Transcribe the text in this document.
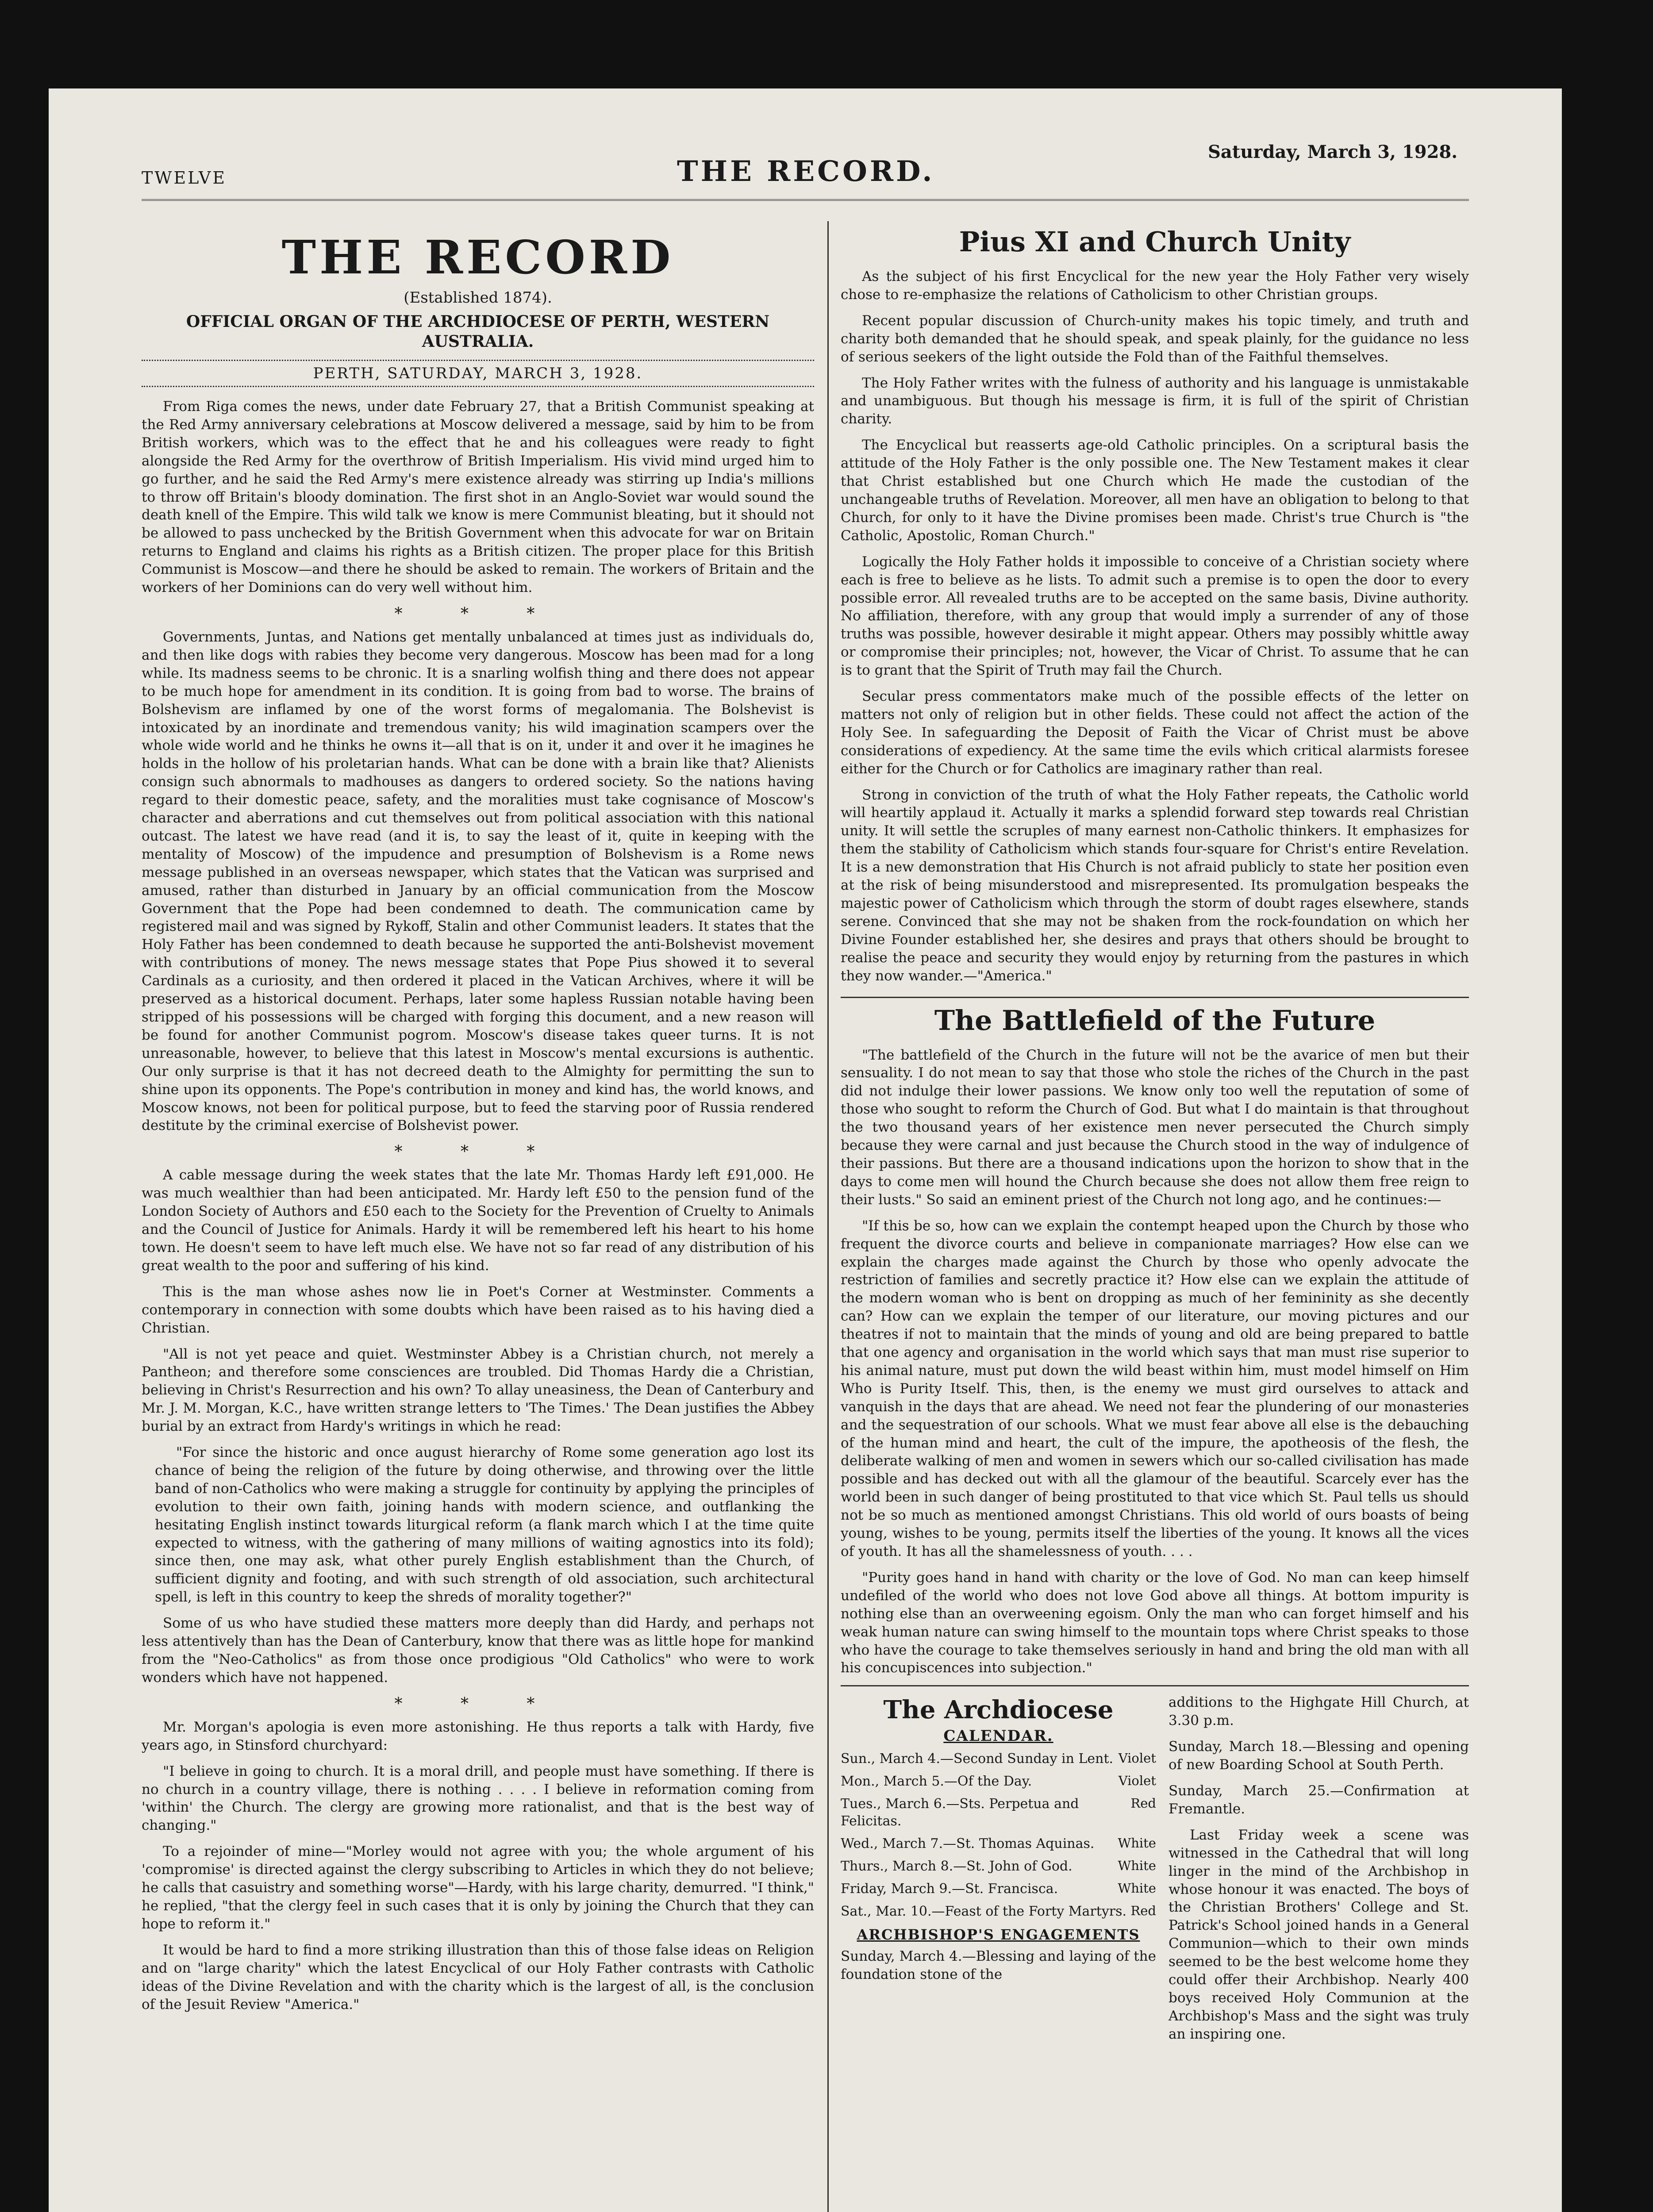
TWELVE	THE RECORD.
Saturday, March 3, 1928.
THE RECORD
(Established 1874).
OFFICIAL ORGAN OF THE ARCHDIOCESE OF PERTH, WESTERN AUSTRALIA.
PERTH, SATURDAY, MARCH 3, 1928.

From Riga comes the news, under date February 27, that a British Communist speaking at the Red Army anniversary celebrations at Moscow delivered a message, said by him to be from British workers, which was to the effect that he and his colleagues were ready to fight alongside the Red Army for the overthrow of British Imperialism. His vivid mind urged him to go further, and he said the Red Army's mere existence already was stirring up India's millions to throw off Britain's bloody domination. The first shot in an Anglo-Soviet war would sound the death knell of the Empire. This wild talk we know is mere Communist bleating, but it should not be allowed to pass unchecked by the British Government when this advocate for war on Britain returns to England and claims his rights as a British citizen. The proper place for this British Communist is Moscow—and there he should be asked to remain. The workers of Britain and the workers of her Dominions can do very well without him.

* * *

Governments, Juntas, and Nations get mentally unbalanced at times just as individuals do, and then like dogs with rabies they become very dangerous. Moscow has been mad for a long while. Its madness seems to be chronic. It is a snarling wolfish thing and there does not appear to be much hope for amendment in its condition. It is going from bad to worse. The brains of Bolshevism are inflamed by one of the worst forms of megalomania. The Bolshevist is intoxicated by an inordinate and tremendous vanity; his wild imagination scampers over the whole wide world and he thinks he owns it—all that is on it, under it and over it he imagines he holds in the hollow of his proletarian hands. What can be done with a brain like that? Alienists consign such abnormals to madhouses as dangers to ordered society. So the nations having regard to their domestic peace, safety, and the moralities must take cognisance of Moscow's character and aberrations and cut themselves out from political association with this national outcast. The latest we have read (and it is, to say the least of it, quite in keeping with the mentality of Moscow) of the impudence and presumption of Bolshevism is a Rome news message published in an overseas newspaper, which states that the Vatican was surprised and amused, rather than disturbed in January by an official communication from the Moscow Government that the Pope had been condemned to death. The communication came by registered mail and was signed by Rykoff, Stalin and other Communist leaders. It states that the Holy Father has been condemned to death because he supported the anti-Bolshevist movement with contributions of money. The news message states that Pope Pius showed it to several Cardinals as a curiosity, and then ordered it placed in the Vatican Archives, where it will be preserved as a historical document. Perhaps, later some hapless Russian notable having been stripped of his possessions will be charged with forging this document, and a new reason will be found for another Communist pogrom. Moscow's disease takes queer turns. It is not unreasonable, however, to believe that this latest in Moscow's mental excursions is authentic. Our only surprise is that it has not decreed death to the Almighty for permitting the sun to shine upon its opponents. The Pope's contribution in money and kind has, the world knows, and Moscow knows, not been for political purpose, but to feed the starving poor of Russia rendered destitute by the criminal exercise of Bolshevist power.

* * *

A cable message during the week states that the late Mr. Thomas Hardy left £91,000. He was much wealthier than had been anticipated. Mr. Hardy left £50 to the pension fund of the London Society of Authors and £50 each to the Society for the Prevention of Cruelty to Animals and the Council of Justice for Animals. Hardy it will be remembered left his heart to his home town. He doesn't seem to have left much else. We have not so far read of any distribution of his great wealth to the poor and suffering of his kind.

This is the man whose ashes now lie in Poet's Corner at Westminster. Comments a contemporary in connection with some doubts which have been raised as to his having died a Christian.

"All is not yet peace and quiet. Westminster Abbey is a Christian church, not merely a Pantheon; and therefore some consciences are troubled. Did Thomas Hardy die a Christian, believing in Christ's Resurrection and his own? To allay uneasiness, the Dean of Canterbury and Mr. J. M. Morgan, K.C., have written strange letters to 'The Times.' The Dean justifies the Abbey burial by an extract from Hardy's writings in which he read:

"For since the historic and once august hierarchy of Rome some generation ago lost its chance of being the religion of the future by doing otherwise, and throwing over the little band of non-Catholics who were making a struggle for continuity by applying the principles of evolution to their own faith, joining hands with modern science, and outflanking the hesitating English instinct towards liturgical reform (a flank march which I at the time quite expected to witness, with the gathering of many millions of waiting agnostics into its fold); since then, one may ask, what other purely English establishment than the Church, of sufficient dignity and footing, and with such strength of old association, such architectural spell, is left in this country to keep the shreds of morality together?"

Some of us who have studied these matters more deeply than did Hardy, and perhaps not less attentively than has the Dean of Canterbury, know that there was as little hope for mankind from the "Neo-Catholics" as from those once prodigious "Old Catholics" who were to work wonders which have not happened.

* * *

Mr. Morgan's apologia is even more astonishing. He thus reports a talk with Hardy, five years ago, in Stinsford churchyard:

"I believe in going to church. It is a moral drill, and people must have something. If there is no church in a country village, there is nothing . . . . I believe in reformation coming from 'within' the Church. The clergy are growing more rationalist, and that is the best way of changing."

To a rejoinder of mine—"Morley would not agree with you; the whole argument of his 'compromise' is directed against the clergy subscribing to Articles in which they do not believe; he calls that casuistry and something worse"—Hardy, with his large charity, demurred. "I think," he replied, "that the clergy feel in such cases that it is only by joining the Church that they can hope to reform it."

It would be hard to find a more striking illustration than this of those false ideas on Religion and on "large charity" which the latest Encyclical of our Holy Father contrasts with Catholic ideas of the Divine Revelation and with the charity which is the largest of all, is the conclusion of the Jesuit Review "America."

Pius XI and Church Unity

As the subject of his first Encyclical for the new year the Holy Father very wisely chose to re-emphasize the relations of Catholicism to other Christian groups.

Recent popular discussion of Church-unity makes his topic timely, and truth and charity both demanded that he should speak, and speak plainly, for the guidance no less of serious seekers of the light outside the Fold than of the Faithful themselves.

The Holy Father writes with the fulness of authority and his language is unmistakable and unambiguous. But though his message is firm, it is full of the spirit of Christian charity.

The Encyclical but reasserts age-old Catholic principles. On a scriptural basis the attitude of the Holy Father is the only possible one. The New Testament makes it clear that Christ established but one Church which He made the custodian of the unchangeable truths of Revelation. Moreover, all men have an obligation to belong to that Church, for only to it have the Divine promises been made. Christ's true Church is "the Catholic, Apostolic, Roman Church."

Logically the Holy Father holds it impossible to conceive of a Christian society where each is free to believe as he lists. To admit such a premise is to open the door to every possible error. All revealed truths are to be accepted on the same basis, Divine authority. No affiliation, therefore, with any group that would imply a surrender of any of those truths was possible, however desirable it might appear. Others may possibly whittle away or compromise their principles; not, however, the Vicar of Christ. To assume that he can is to grant that the Spirit of Truth may fail the Church.

Secular press commentators make much of the possible effects of the letter on matters not only of religion but in other fields. These could not affect the action of the Holy See. In safeguarding the Deposit of Faith the Vicar of Christ must be above considerations of expediency. At the same time the evils which critical alarmists foresee either for the Church or for Catholics are imaginary rather than real.

Strong in conviction of the truth of what the Holy Father repeats, the Catholic world will heartily applaud it. Actually it marks a splendid forward step towards real Christian unity. It will settle the scruples of many earnest non-Catholic thinkers. It emphasizes for them the stability of Catholicism which stands four-square for Christ's entire Revelation. It is a new demonstration that His Church is not afraid publicly to state her position even at the risk of being misunderstood and misrepresented. Its promulgation bespeaks the majestic power of Catholicism which through the storm of doubt rages elsewhere, stands serene. Convinced that she may not be shaken from the rock-foundation on which her Divine Founder established her, she desires and prays that others should be brought to realise the peace and security they would enjoy by returning from the pastures in which they now wander.—"America."

The Battlefield of the Future

"The battlefield of the Church in the future will not be the avarice of men but their sensuality. I do not mean to say that those who stole the riches of the Church in the past did not indulge their lower passions. We know only too well the reputation of some of those who sought to reform the Church of God. But what I do maintain is that throughout the two thousand years of her existence men never persecuted the Church simply because they were carnal and just because the Church stood in the way of indulgence of their passions. But there are a thousand indications upon the horizon to show that in the days to come men will hound the Church because she does not allow them free reign to their lusts." So said an eminent priest of the Church not long ago, and he continues:—

"If this be so, how can we explain the contempt heaped upon the Church by those who frequent the divorce courts and believe in companionate marriages? How else can we explain the charges made against the Church by those who openly advocate the restriction of families and secretly practice it? How else can we explain the attitude of the modern woman who is bent on dropping as much of her femininity as she decently can? How can we explain the temper of our literature, our moving pictures and our theatres if not to maintain that the minds of young and old are being prepared to battle that one agency and organisation in the world which says that man must rise superior to his animal nature, must put down the wild beast within him, must model himself on Him Who is Purity Itself. This, then, is the enemy we must gird ourselves to attack and vanquish in the days that are ahead. We need not fear the plundering of our monasteries and the sequestration of our schools. What we must fear above all else is the debauching of the human mind and heart, the cult of the impure, the apotheosis of the flesh, the deliberate walking of men and women in sewers which our so-called civilisation has made possible and has decked out with all the glamour of the beautiful. Scarcely ever has the world been in such danger of being prostituted to that vice which St. Paul tells us should not be so much as mentioned amongst Christians. This old world of ours boasts of being young, wishes to be young, permits itself the liberties of the young. It knows all the vices of youth. It has all the shamelessness of youth. . . .

"Purity goes hand in hand with charity or the love of God. No man can keep himself undefiled of the world who does not love God above all things. At bottom impurity is nothing else than an overweening egoism. Only the man who can forget himself and his weak human nature can swing himself to the mountain tops where Christ speaks to those who have the courage to take themselves seriously in hand and bring the old man with all his concupiscences into subjection."

The Archdiocese
CALENDAR.
Violet
Sun., March 4.—Second Sunday in Lent.
Violet
Mon., March 5.—Of the Day.
Red
Tues., March 6.—Sts. Perpetua and Felicitas.
White
Wed., March 7.—St. Thomas Aquinas.
White
Thurs., March 8.—St. John of God.
White
Friday, March 9.—St. Francisca.
Red
Sat., Mar. 10.—Feast of the Forty Martyrs.
ARCHBISHOP'S ENGAGEMENTS

Sunday, March 4.—Blessing and laying of the foundation stone of the

additions to the Highgate Hill Church, at 3.30 p.m.

Sunday, March 18.—Blessing and opening of new Boarding School at South Perth.

Sunday, March 25.—Confirmation at Fremantle.

Last Friday week a scene was witnessed in the Cathedral that will long linger in the mind of the Archbishop in whose honour it was enacted. The boys of the Christian Brothers' College and St. Patrick's School joined hands in a General Communion—which to their own minds seemed to be the best welcome home they could offer their Archbishop. Nearly 400 boys received Holy Communion at the Archbishop's Mass and the sight was truly an inspiring one.
